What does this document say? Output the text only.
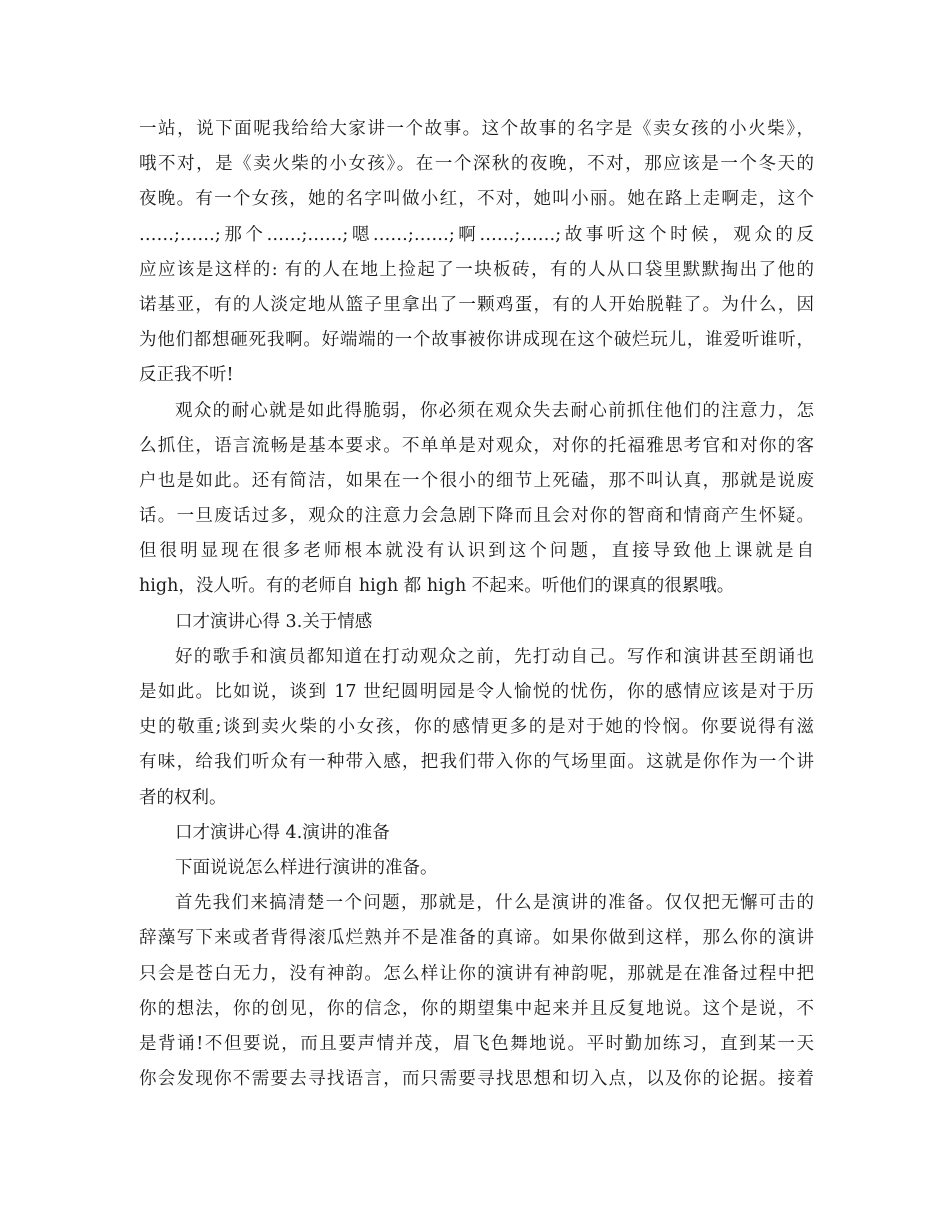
一站，说下面呢我给给大家讲一个故事。这个故事的名字是《卖女孩的小火柴》，
哦不对，是《卖火柴的小女孩》。在一个深秋的夜晚，不对，那应该是一个冬天的
夜晚。有一个女孩，她的名字叫做小红，不对，她叫小丽。她在路上走啊走，这个
……;……;那个……;……;嗯……;……;啊……;……;故事听这个时候，观众的反
应应该是这样的: 有的人在地上捡起了一块板砖，有的人从口袋里默默掏出了他的
诺基亚，有的人淡定地从篮子里拿出了一颗鸡蛋，有的人开始脱鞋了。为什么，因
为他们都想砸死我啊。好端端的一个故事被你讲成现在这个破烂玩儿，谁爱听谁听，
反正我不听!
观众的耐心就是如此得脆弱，你必须在观众失去耐心前抓住他们的注意力，怎
么抓住，语言流畅是基本要求。不单单是对观众，对你的托福雅思考官和对你的客
户也是如此。还有简洁，如果在一个很小的细节上死磕，那不叫认真，那就是说废
话。一旦废话过多，观众的注意力会急剧下降而且会对你的智商和情商产生怀疑。
但很明显现在很多老师根本就没有认识到这个问题，直接导致他上课就是自
high，没人听。有的老师自 high 都 high 不起来。听他们的课真的很累哦。
口才演讲心得 3.关于情感
好的歌手和演员都知道在打动观众之前，先打动自己。写作和演讲甚至朗诵也
是如此。比如说，谈到 17 世纪圆明园是令人愉悦的忧伤，你的感情应该是对于历
史的敬重;谈到卖火柴的小女孩，你的感情更多的是对于她的怜悯。你要说得有滋
有味，给我们听众有一种带入感，把我们带入你的气场里面。这就是你作为一个讲
者的权利。
口才演讲心得 4.演讲的准备
下面说说怎么样进行演讲的准备。
首先我们来搞清楚一个问题，那就是，什么是演讲的准备。仅仅把无懈可击的
辞藻写下来或者背得滚瓜烂熟并不是准备的真谛。如果你做到这样，那么你的演讲
只会是苍白无力，没有神韵。怎么样让你的演讲有神韵呢，那就是在准备过程中把
你的想法，你的创见，你的信念，你的期望集中起来并且反复地说。这个是说，不
是背诵!不但要说，而且要声情并茂，眉飞色舞地说。平时勤加练习，直到某一天
你会发现你不需要去寻找语言，而只需要寻找思想和切入点，以及你的论据。接着
